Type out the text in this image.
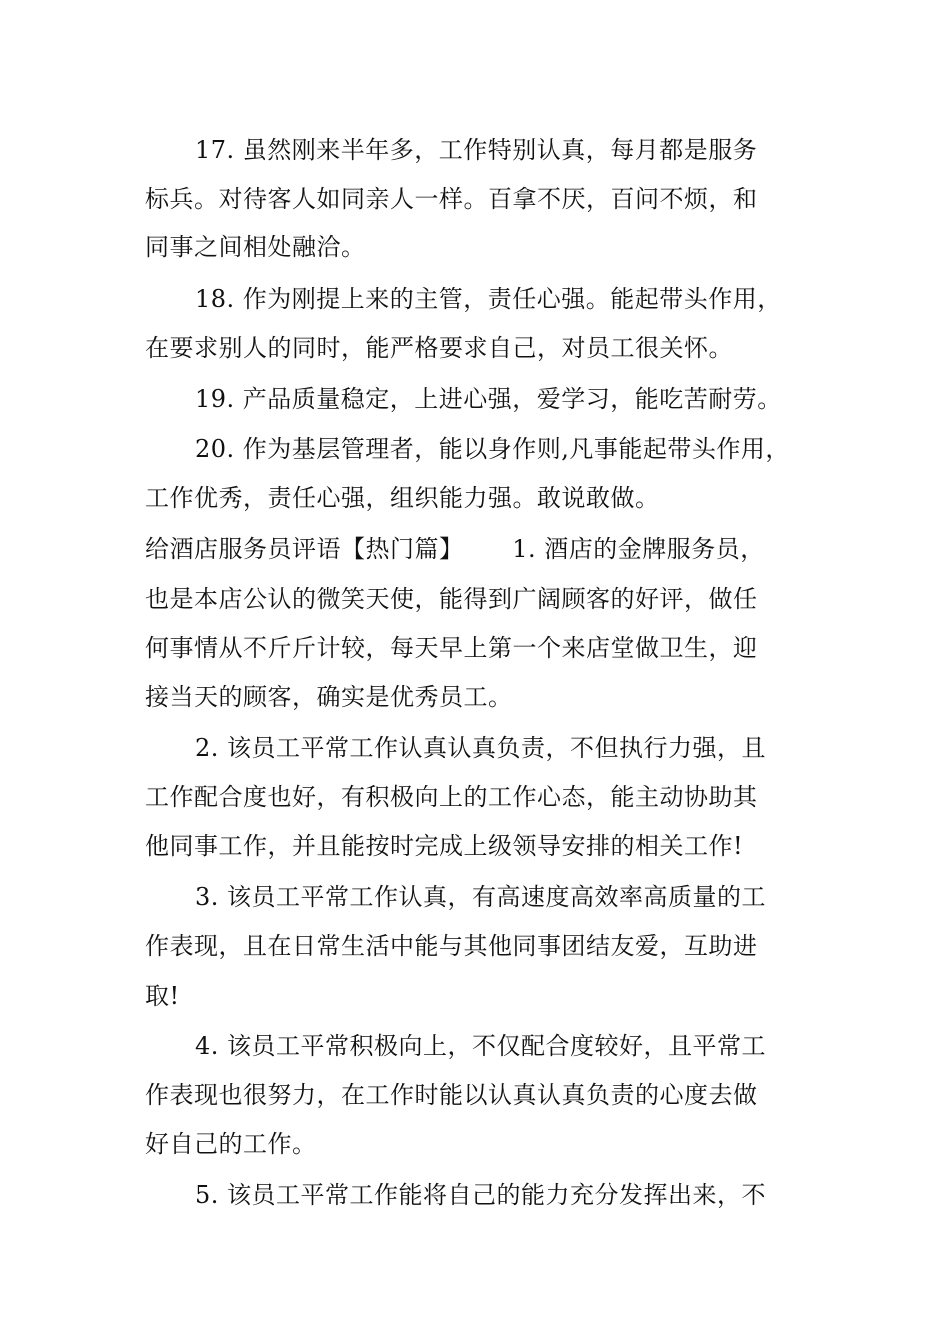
17. 虽然刚来半年多，工作特别认真，每月都是服务
标兵。对待客人如同亲人一样。百拿不厌，百问不烦，和
同事之间相处融洽。
18. 作为刚提上来的主管，责任心强。能起带头作用，
在要求别人的同时，能严格要求自己，对员工很关怀。
19. 产品质量稳定，上进心强，爱学习，能吃苦耐劳。
20. 作为基层管理者，能以身作则,凡事能起带头作用，
工作优秀，责任心强，组织能力强。敢说敢做。
给酒店服务员评语【热门篇】      1. 酒店的金牌服务员，
也是本店公认的微笑天使，能得到广阔顾客的好评，做任
何事情从不斤斤计较，每天早上第一个来店堂做卫生，迎
接当天的顾客，确实是优秀员工。
2. 该员工平常工作认真认真负责，不但执行力强，且
工作配合度也好，有积极向上的工作心态，能主动协助其
他同事工作，并且能按时完成上级领导安排的相关工作!
3. 该员工平常工作认真，有高速度高效率高质量的工
作表现，且在日常生活中能与其他同事团结友爱，互助进
取!
4. 该员工平常积极向上，不仅配合度较好，且平常工
作表现也很努力，在工作时能以认真认真负责的心度去做
好自己的工作。
5. 该员工平常工作能将自己的能力充分发挥出来，不
